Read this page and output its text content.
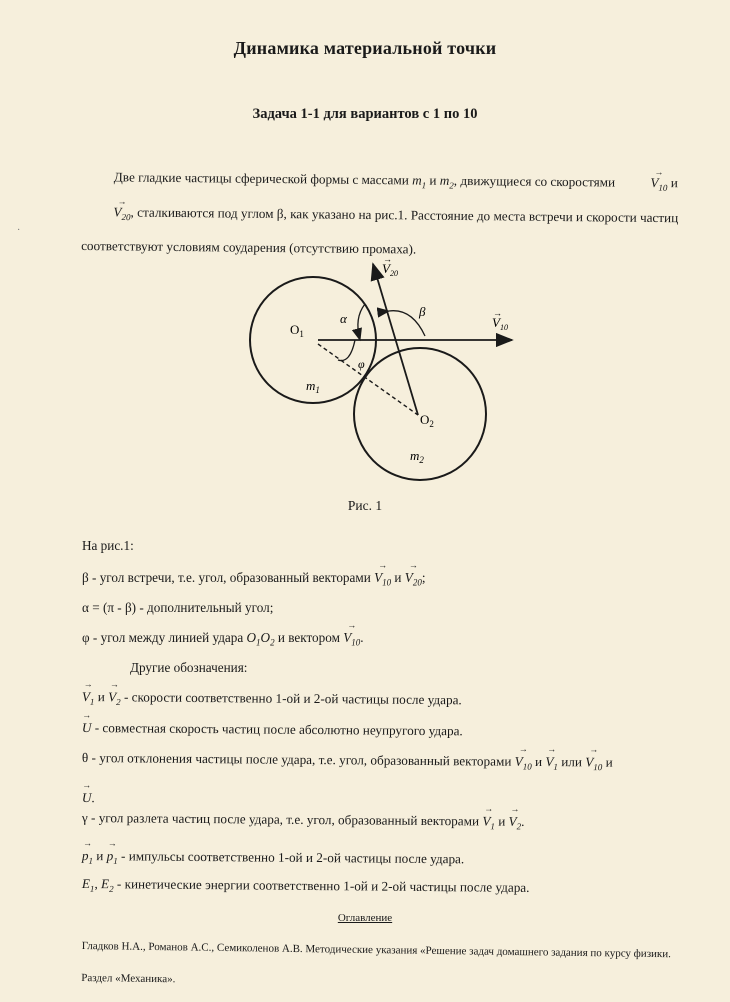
·
Динамика материальной точки
Задача 1-1 для вариантов с 1 по 10
Две гладкие частицы сферической формы с массами $m_1$ и $m_2$, движущиеся со скоростями	→ $V_{10}$ $и \to V_{20}$, сталкиваются под углом β, как указано на рис.1. Расстояние до места встречи и скорости частиц соответствуют условиям соударения (отсутствию промаха).
$O_1$
$O_2$
$m_1$
$m_2$
$V_{20}$
→
$V_{10}$
→
α	β
φ
Рис. 1
На рис.1:
β - угол встречи, т.е. угол, образованный векторами → $V_{10}$ $и \to V_{20}$;
α = (π - β) - дополнительный угол;
φ - угол между линией удара $O_1O_2$ и вектором → $V_{10}$.
Другие обозначения:
→ $V_1$ $и \to V_2$ - скорости соответственно 1-ой и 2-ой частицы после удара.
→ U - совместная скорость частиц после абсолютно неупругого удара.
θ - угол отклонения частицы после удара, т.е. угол, образованный векторами → $V_{10}$ $и \to V_1$ или → $V_{10}$ и
→ U.
γ - угол разлета частиц после удара, т.е. угол, образованный векторами → $V_1$ $и \to V_2$.
→ $p_1$ $и \to p_1$ - импульсы соответственно 1-ой и 2-ой частицы после удара.
$E_1$, $E_2$ - кинетические энергии соответственно 1-ой и 2-ой частицы после удара.
Оглавление
Гладков Н.А., Романов А.С., Семиколенов А.В. Методические указания «Решение задач домашнего задания по курсу физики. Раздел «Механика».
